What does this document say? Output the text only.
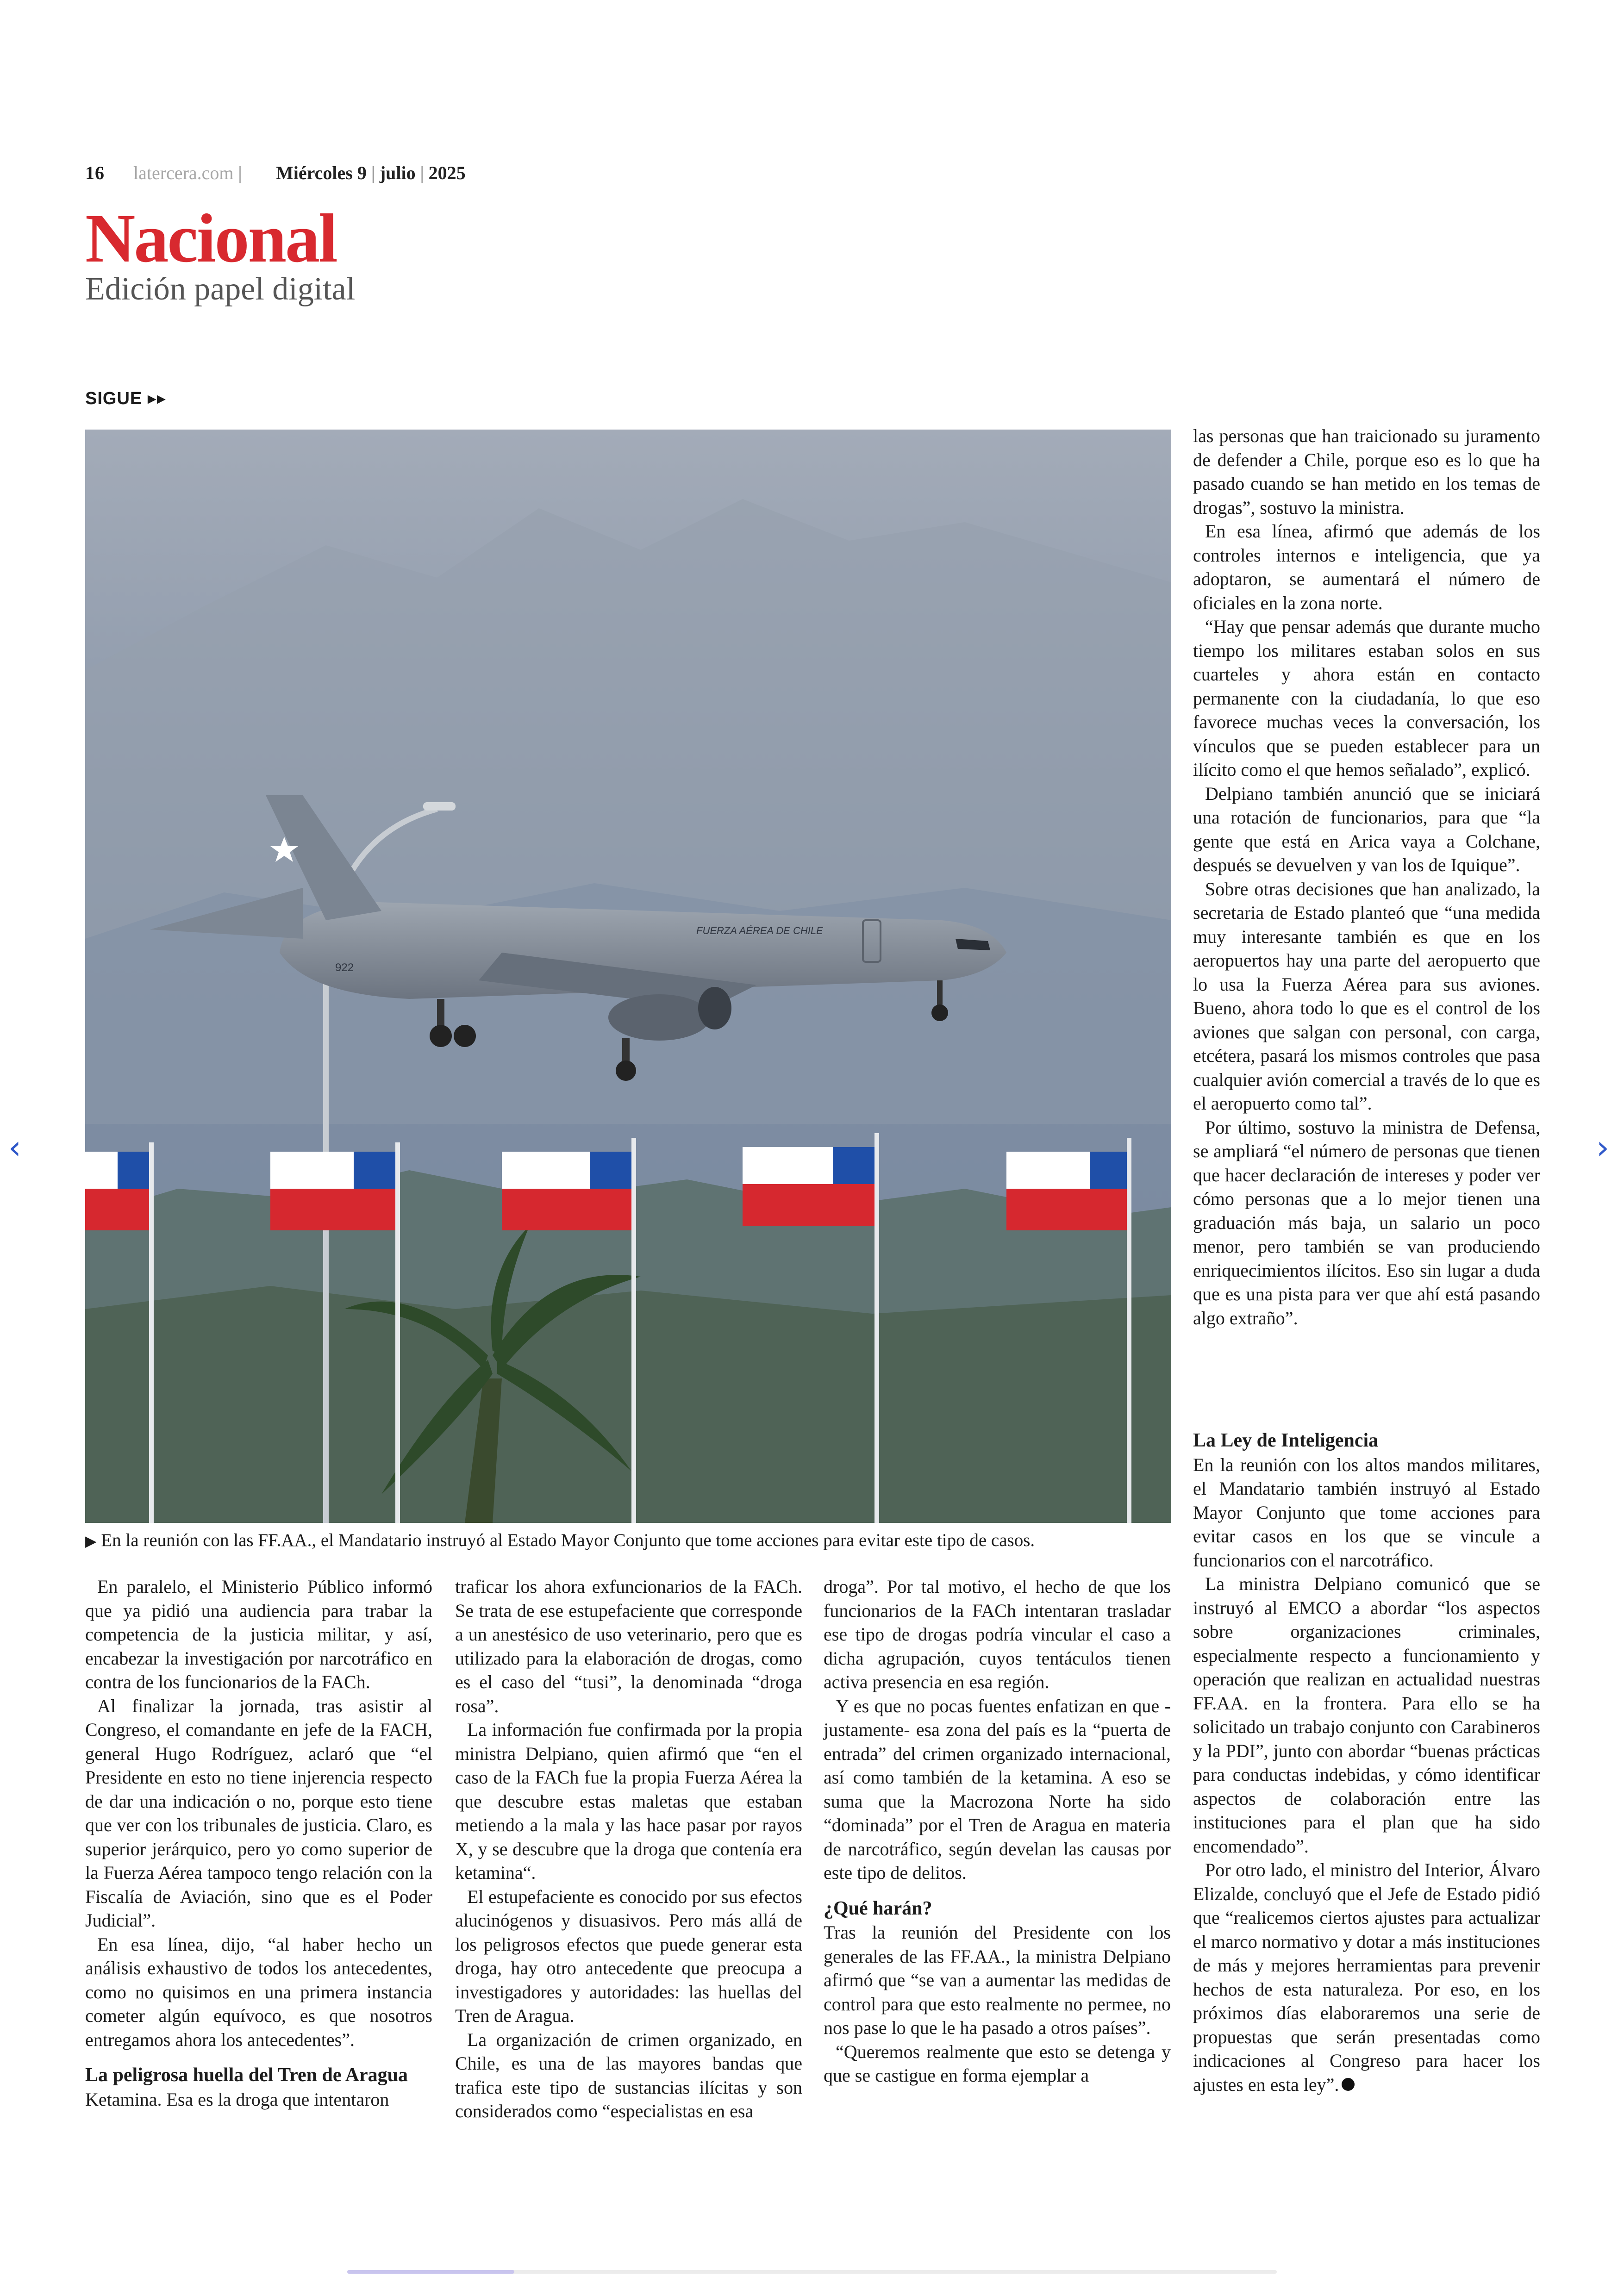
16 latercera.com | Miércoles 9 | julio | 2025
Nacional
Edición papel digital
SIGUE ▸▸
FUERZA AÉREA DE CHILE
922
▶ En la reunión con las FF.AA., el Mandatario instruyó al Estado Mayor Conjunto que tome acciones para evitar este tipo de casos.

En paralelo, el Ministerio Público informó que ya pidió una audiencia para trabar la competencia de la justicia militar, y así, encabezar la investigación por narcotráfico en contra de los funcionarios de la FACh.

Al finalizar la jornada, tras asistir al Congreso, el comandante en jefe de la FACH, general Hugo Rodríguez, aclaró que “el Presidente en esto no tiene injerencia respecto de dar una indicación o no, porque esto tiene que ver con los tribunales de justicia. Claro, es superior jerárquico, pero yo como superior de la Fuerza Aérea tampoco tengo relación con la Fiscalía de Aviación, sino que es el Poder Judicial”.

En esa línea, dijo, “al haber hecho un análisis exhaustivo de todos los antecedentes, como no quisimos en una primera instancia cometer algún equívoco, es que nosotros entregamos ahora los antecedentes”.

La peligrosa huella del Tren de Aragua

Ketamina. Esa es la droga que intentaron

traficar los ahora exfuncionarios de la FACh. Se trata de ese estupefaciente que corresponde a un anestésico de uso veterinario, pero que es utilizado para la elaboración de drogas, como es el caso del “tusi”, la denominada “droga rosa”.

La información fue confirmada por la propia ministra Delpiano, quien afirmó que “en el caso de la FACh fue la propia Fuerza Aérea la que descubre estas maletas que estaban metiendo a la mala y las hace pasar por rayos X, y se descubre que la droga que contenía era ketamina“.

El estupefaciente es conocido por sus efectos alucinógenos y disuasivos. Pero más allá de los peligrosos efectos que puede generar esta droga, hay otro antecedente que preocupa a investigadores y autoridades: las huellas del Tren de Aragua.

La organización de crimen organizado, en Chile, es una de las mayores bandas que trafica este tipo de sustancias ilícitas y son considerados como “especialistas en esa

droga”. Por tal motivo, el hecho de que los funcionarios de la FACh intentaran trasladar ese tipo de drogas podría vincular el caso a dicha agrupación, cuyos tentáculos tienen activa presencia en esa región.

Y es que no pocas fuentes enfatizan en que -justamente- esa zona del país es la “puerta de entrada” del crimen organizado internacional, así como también de la ketamina. A eso se suma que la Macrozona Norte ha sido “dominada” por el Tren de Aragua en materia de narcotráfico, según develan las causas por este tipo de delitos.

¿Qué harán?

Tras la reunión del Presidente con los generales de las FF.AA., la ministra Delpiano afirmó que “se van a aumentar las medidas de control para que esto realmente no permee, no nos pase lo que le ha pasado a otros países”.

“Queremos realmente que esto se detenga y que se castigue en forma ejemplar a

las personas que han traicionado su juramento de defender a Chile, porque eso es lo que ha pasado cuando se han metido en los temas de drogas”, sostuvo la ministra.

En esa línea, afirmó que además de los controles internos e inteligencia, que ya adoptaron, se aumentará el número de oficiales en la zona norte.

“Hay que pensar además que durante mucho tiempo los militares estaban solos en sus cuarteles y ahora están en contacto permanente con la ciudadanía, lo que eso favorece muchas veces la conversación, los vínculos que se pueden establecer para un ilícito como el que hemos señalado”, explicó.

Delpiano también anunció que se iniciará una rotación de funcionarios, para que “la gente que está en Arica vaya a Colchane, después se devuelven y van los de Iquique”.

Sobre otras decisiones que han analizado, la secretaria de Estado planteó que “una medida muy interesante también es que en los aeropuertos hay una parte del aeropuerto que lo usa la Fuerza Aérea para sus aviones. Bueno, ahora todo lo que es el control de los aviones que salgan con personal, con carga, etcétera, pasará los mismos controles que pasa cualquier avión comercial a través de lo que es el aeropuerto como tal”.

Por último, sostuvo la ministra de Defensa, se ampliará “el número de personas que tienen que hacer declaración de intereses y poder ver cómo personas que a lo mejor tienen una graduación más baja, un salario un poco menor, pero también se van produciendo enriquecimientos ilícitos. Eso sin lugar a duda que es una pista para ver que ahí está pasando algo extraño”.

La Ley de Inteligencia

En la reunión con los altos mandos militares, el Mandatario también instruyó al Estado Mayor Conjunto que tome acciones para evitar casos en los que se vincule a funcionarios con el narcotráfico.

La ministra Delpiano comunicó que se instruyó al EMCO a abordar “los aspectos sobre organizaciones criminales, especialmente respecto a funcionamiento y operación que realizan en actualidad nuestras FF.AA. en la frontera. Para ello se ha solicitado un trabajo conjunto con Carabineros y la PDI”, junto con abordar “buenas prácticas para conductas indebidas, y cómo identificar aspectos de colaboración entre las instituciones para el plan que ha sido encomendado”.

Por otro lado, el ministro del Interior, Álvaro Elizalde, concluyó que el Jefe de Estado pidió que “realicemos ciertos ajustes para actualizar el marco normativo y dotar a más instituciones de más y mejores herramientas para prevenir hechos de esta naturaleza. Por eso, en los próximos días elaboraremos una serie de propuestas que serán presentadas como indicaciones al Congreso para hacer los ajustes en esta ley”.

‹	›
